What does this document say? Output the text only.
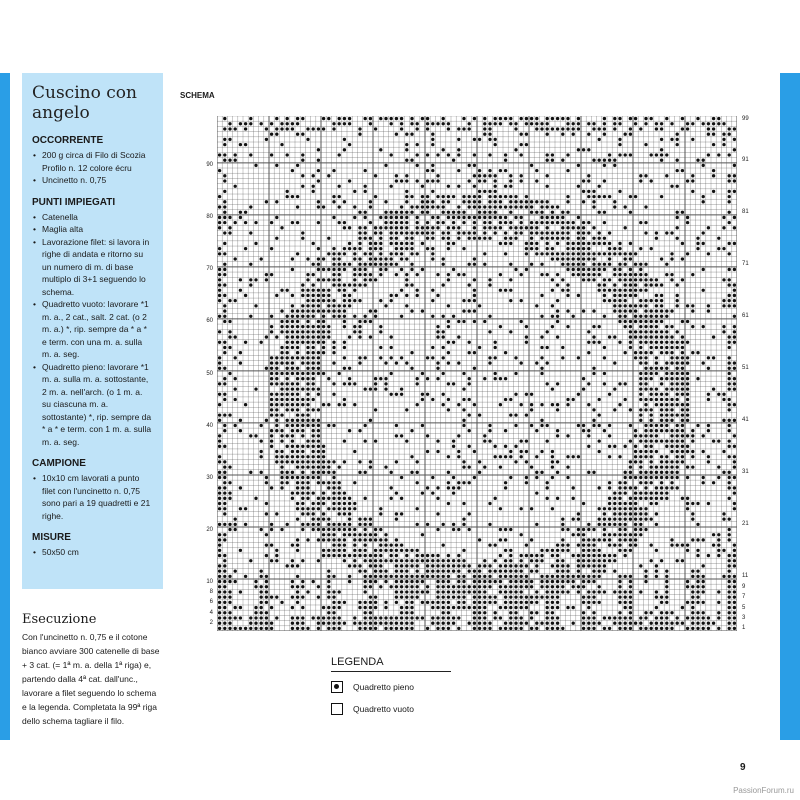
Cuscino con
angelo
OCCORRENTE
• 200 g circa di Filo di Scozia Profilo n. 12 colore écru
• Uncinetto n. 0,75
PUNTI IMPIEGATI
• Catenella
• Maglia alta
• Lavorazione filet: si lavora in righe di andata e ritorno su un numero di m. di base multiplo di 3+1 seguendo lo schema.
• Quadretto vuoto: lavorare *1 m. a., 2 cat., salt. 2 cat. (o 2 m. a.) *, rip. sempre da * a * e term. con una m. a. sulla m. a. seg.
• Quadretto pieno: lavorare *1 m. a. sulla m. a. sottostante, 2 m. a. nell'arch. (o 1 m. a. su ciascuna m. a. sottostante) *, rip. sempre da * a * e term. con 1 m. a. sulla m. a. seg.
CAMPIONE
• 10x10 cm lavorati a punto filet con l'uncinetto n. 0,75 sono pari a 19 quadretti e 21 righe.
MISURE
• 50x50 cm
Esecuzione

Con l'uncinetto n. 0,75 e il cotone bianco avviare 300 catenelle di base + 3 cat. (= 1ª m. a. della 1ª riga) e, partendo dalla 4ª cat. dall'unc., lavorare a filet seguendo lo schema e la legenda. Completata la 99ª riga dello schema tagliare il filo.

SCHEMA
2
4
6
8
10
20
30
40
50
60
70
80
90
1
3
5
7
9
11
21
31
41
51
61
71
81
91
99
LEGENDA
Quadretto pieno
Quadretto vuoto
9
PassionForum.ru
